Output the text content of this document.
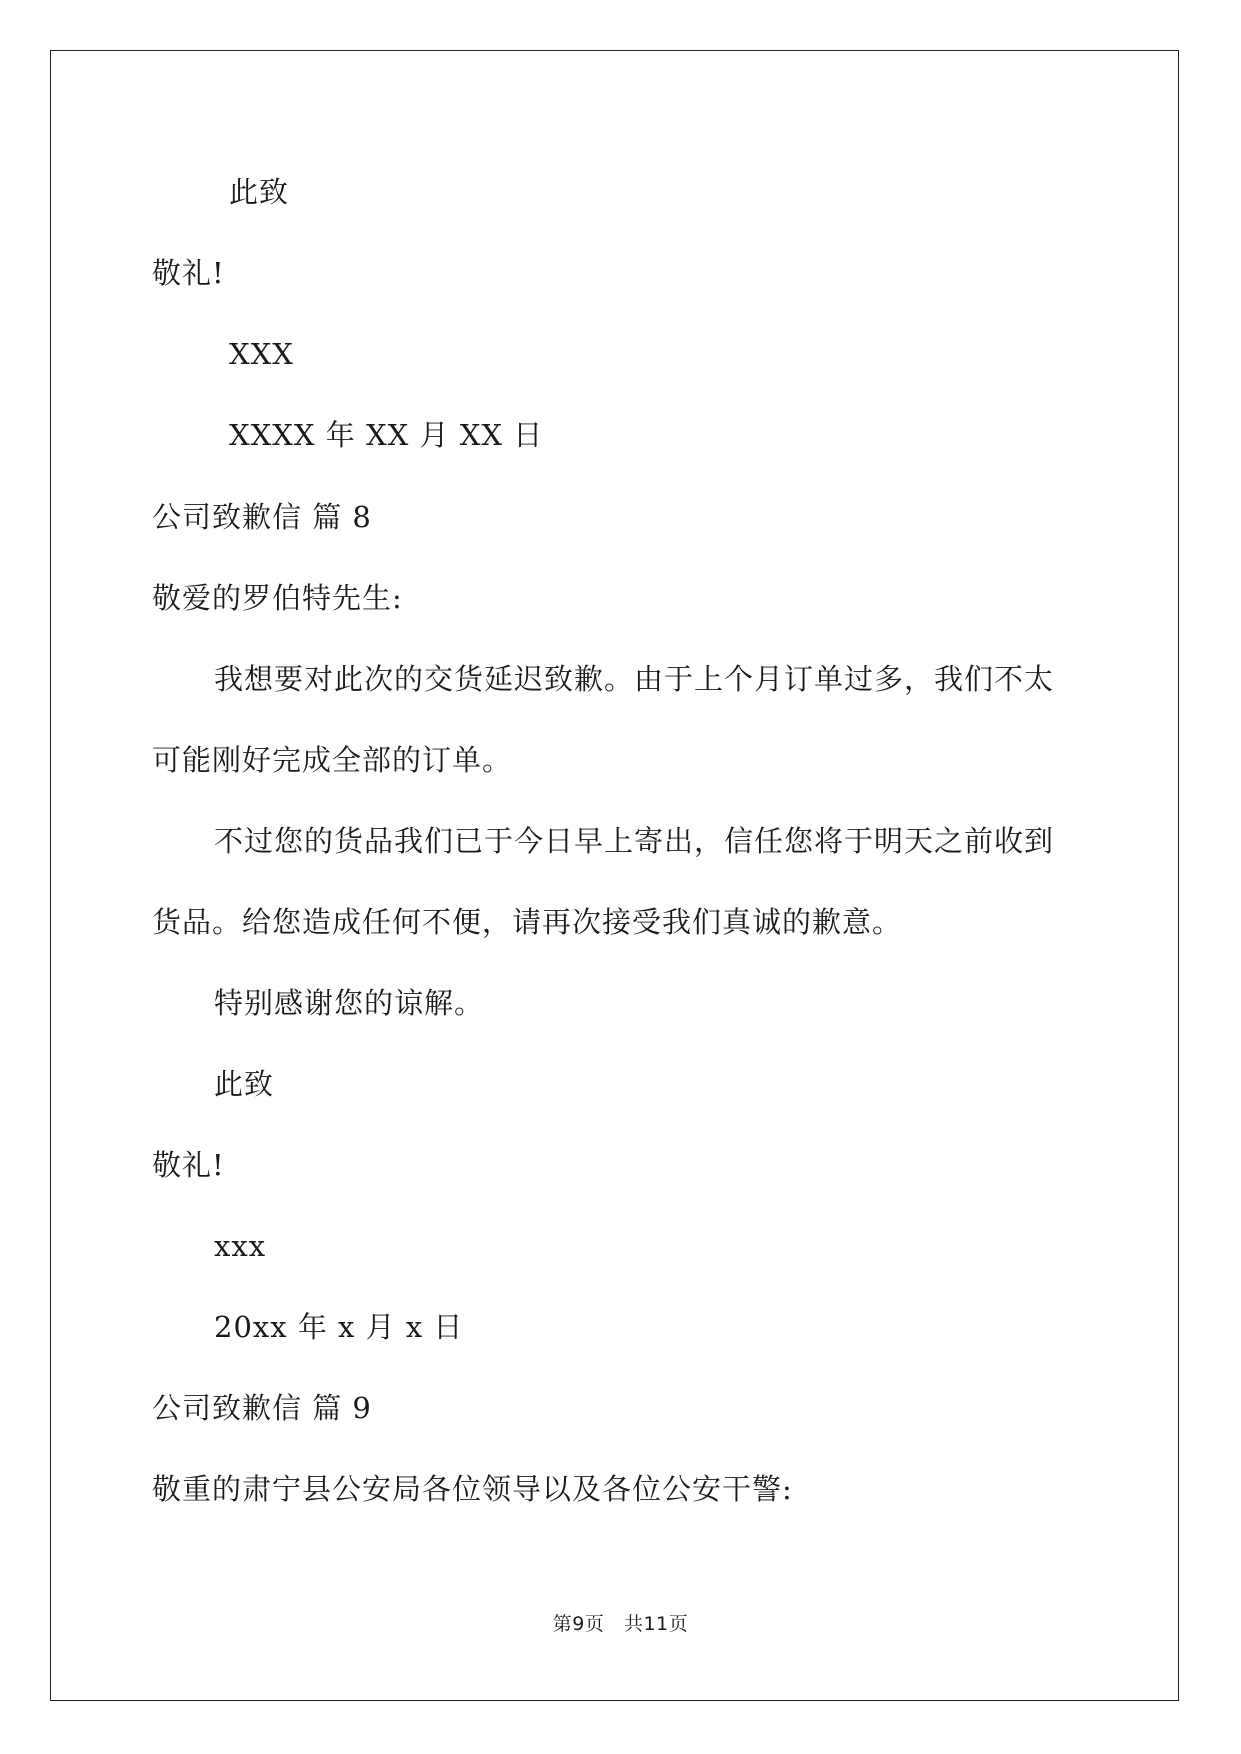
此致
敬礼!
XXX
XXXX 年 XX 月 XX 日
公司致歉信 篇 8
敬爱的罗伯特先生:
我想要对此次的交货延迟致歉。由于上个月订单过多，我们不太
可能刚好完成全部的订单。
不过您的货品我们已于今日早上寄出，信任您将于明天之前收到
货品。给您造成任何不便，请再次接受我们真诚的歉意。
特别感谢您的谅解。
此致
敬礼!
xxx
20xx 年 x 月 x 日
公司致歉信 篇 9
敬重的肃宁县公安局各位领导以及各位公安干警:
第9页 共11页
